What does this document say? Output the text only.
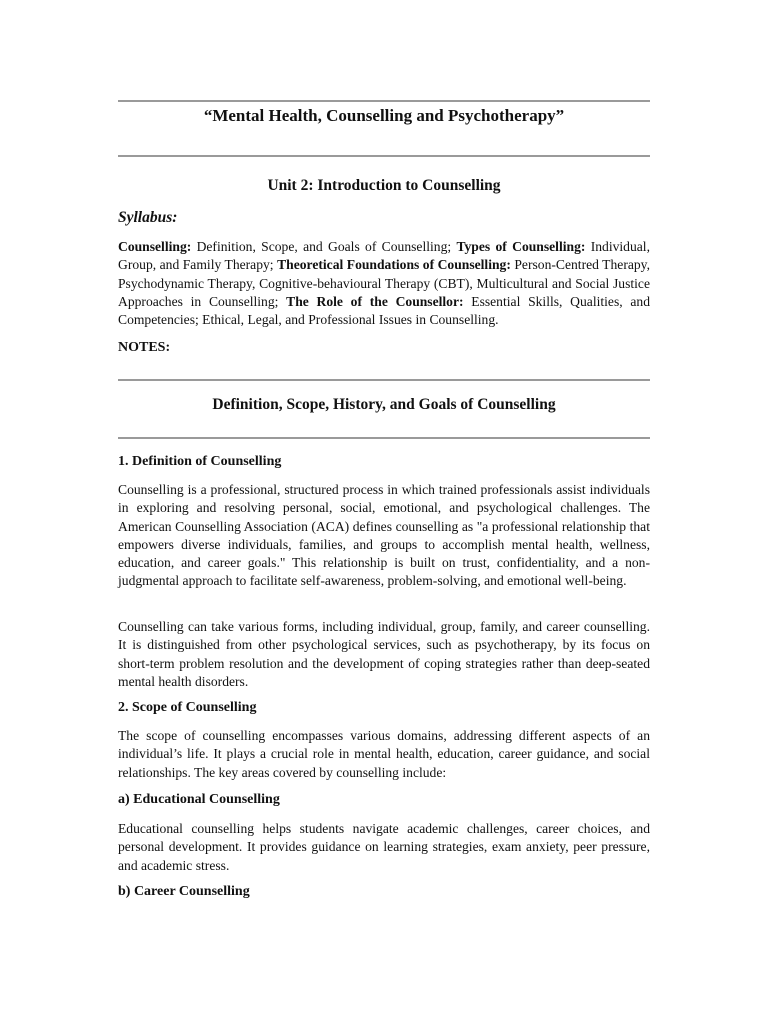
“Mental Health, Counselling and Psychotherapy”
Unit 2: Introduction to Counselling
Syllabus:
Counselling: Definition, Scope, and Goals of Counselling; Types of Counselling: Individual, Group, and Family Therapy; Theoretical Foundations of Counselling: Person-Centred Therapy, Psychodynamic Therapy, Cognitive-behavioural Therapy (CBT), Multicultural and Social Justice Approaches in Counselling; The Role of the Counsellor: Essential Skills, Qualities, and Competencies; Ethical, Legal, and Professional Issues in Counselling.
NOTES:
Definition, Scope, History, and Goals of Counselling
1. Definition of Counselling
Counselling is a professional, structured process in which trained professionals assist individuals in exploring and resolving personal, social, emotional, and psychological challenges. The American Counselling Association (ACA) defines counselling as "a professional relationship that empowers diverse individuals, families, and groups to accomplish mental health, wellness, education, and career goals." This relationship is built on trust, confidentiality, and a non-judgmental approach to facilitate self-awareness, problem-solving, and emotional well-being.
Counselling can take various forms, including individual, group, family, and career counselling. It is distinguished from other psychological services, such as psychotherapy, by its focus on short-term problem resolution and the development of coping strategies rather than deep-seated mental health disorders.
2. Scope of Counselling
The scope of counselling encompasses various domains, addressing different aspects of an individual’s life. It plays a crucial role in mental health, education, career guidance, and social relationships. The key areas covered by counselling include:
a) Educational Counselling
Educational counselling helps students navigate academic challenges, career choices, and personal development. It provides guidance on learning strategies, exam anxiety, peer pressure, and academic stress.
b) Career Counselling
